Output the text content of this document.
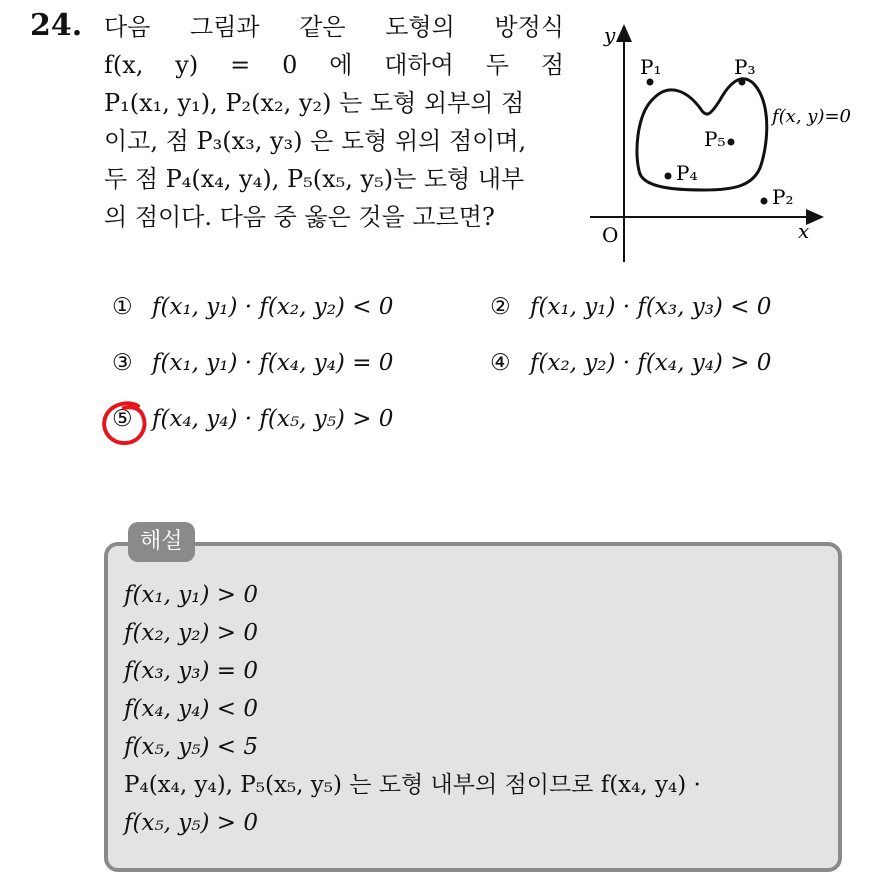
24. 다음 그림과 같은 도형의 방정식
f(x, y) = 0 에 대하여 두 점
P₁(x₁, y₁), P₂(x₂, y₂) 는 도형 외부의 점
이고, 점 P₃(x₃, y₃) 은 도형 위의 점이며,
두 점 P₄(x₄, y₄), P₅(x₅, y₅)는 도형 내부
의 점이다. 다음 중 옳은 것을 고르면?
y
x
O
P₁	P₃
P₅
P₄
P₂
f(x, y)=0
① f(x₁, y₁) · f(x₂, y₂) < 0	② f(x₁, y₁) · f(x₃, y₃) < 0
③ f(x₁, y₁) · f(x₄, y₄) = 0	④ f(x₂, y₂) · f(x₄, y₄) > 0
⑤ f(x₄, y₄) · f(x₅, y₅) > 0
해설
f(x₁, y₁) > 0
f(x₂, y₂) > 0
f(x₃, y₃) = 0
f(x₄, y₄) < 0
f(x₅, y₅) < 5
P₄(x₄, y₄), P₅(x₅, y₅) 는 도형 내부의 점이므로 f(x₄, y₄) ·
f(x₅, y₅) > 0
